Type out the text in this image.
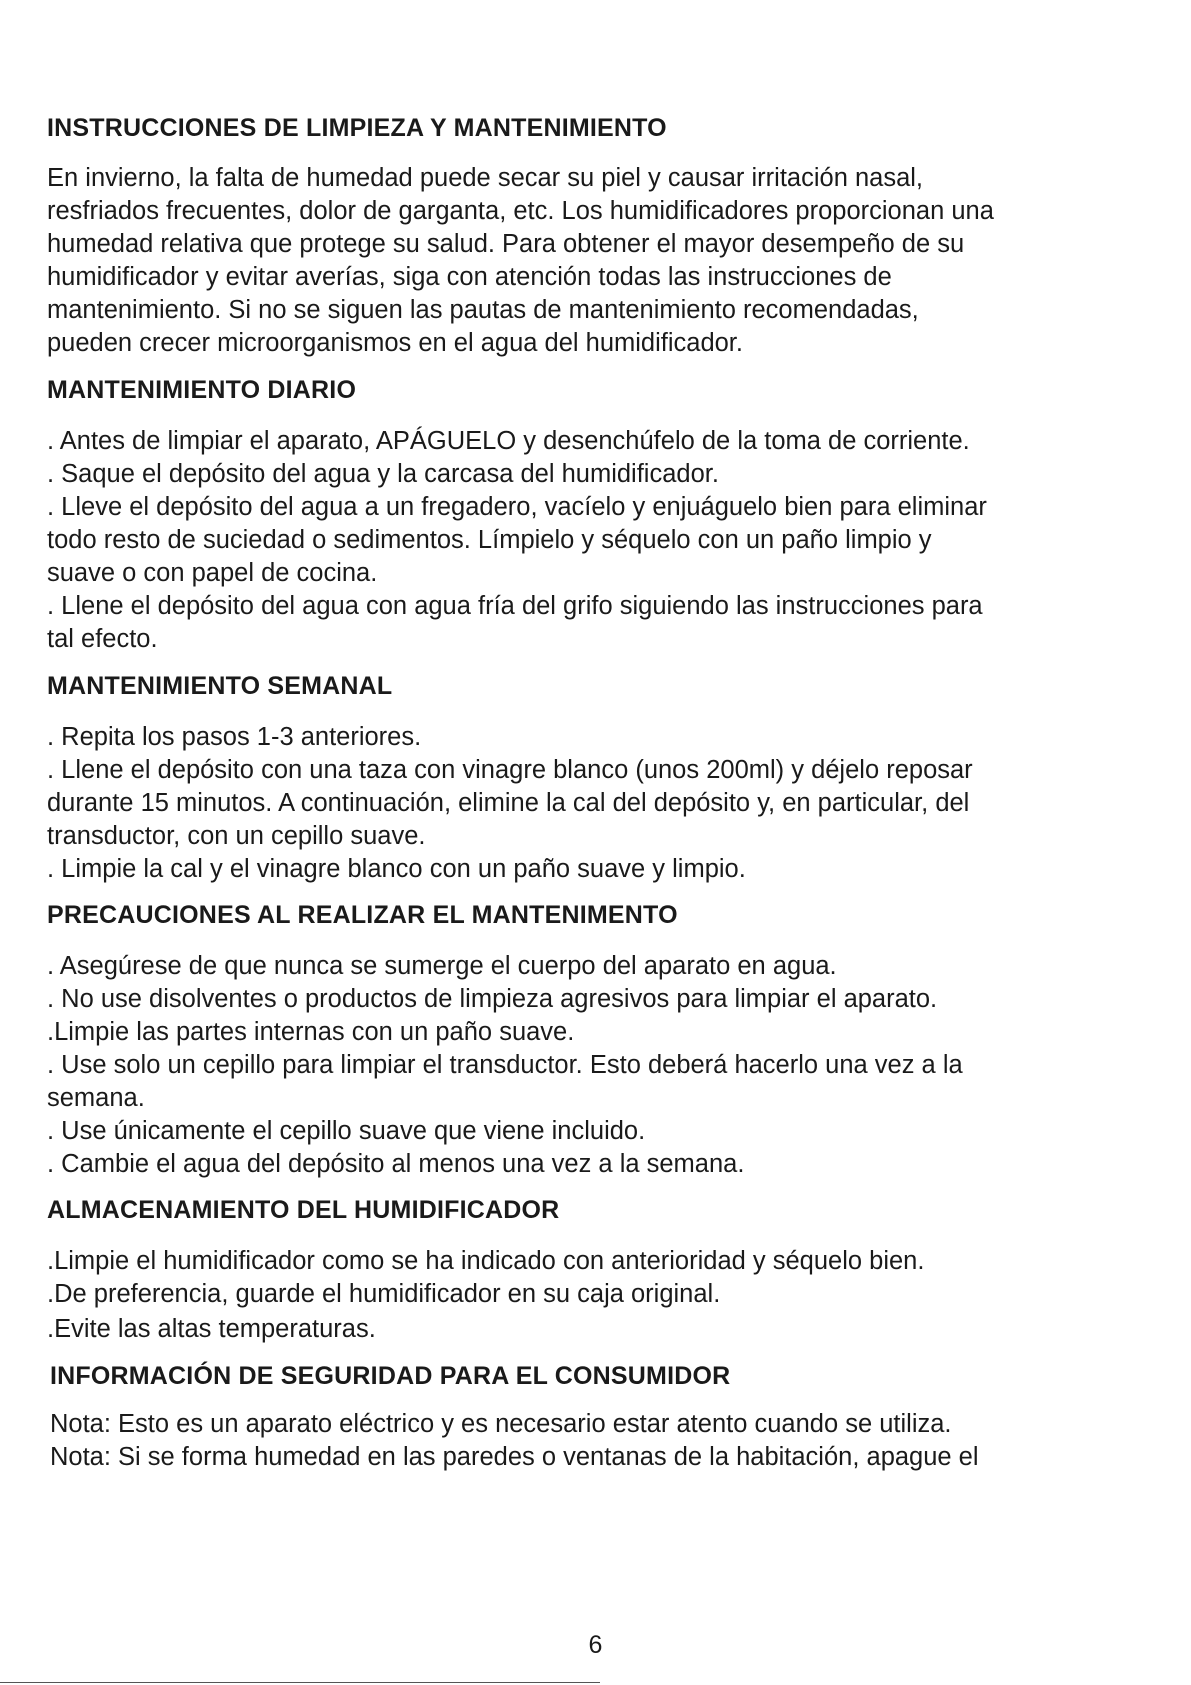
INSTRUCCIONES DE LIMPIEZA Y MANTENIMIENTO

En invierno, la falta de humedad puede secar su piel y causar irritación nasal,

resfriados frecuentes, dolor de garganta, etc. Los humidificadores proporcionan una

humedad relativa que protege su salud. Para obtener el mayor desempeño de su

humidificador y evitar averías, siga con atención todas las instrucciones de

mantenimiento. Si no se siguen las pautas de mantenimiento recomendadas,

pueden crecer microorganismos en el agua del humidificador.

MANTENIMIENTO DIARIO

. Antes de limpiar el aparato, APÁGUELO y desenchúfelo de la toma de corriente.

. Saque el depósito del agua y la carcasa del humidificador.

. Lleve el depósito del agua a un fregadero, vacíelo y enjuáguelo bien para eliminar

todo resto de suciedad o sedimentos. Límpielo y séquelo con un paño limpio y

suave o con papel de cocina.

. Llene el depósito del agua con agua fría del grifo siguiendo las instrucciones para

tal efecto.

MANTENIMIENTO SEMANAL

. Repita los pasos 1-3 anteriores.

. Llene el depósito con una taza con vinagre blanco (unos 200ml) y déjelo reposar

durante 15 minutos. A continuación, elimine la cal del depósito y, en particular, del

transductor, con un cepillo suave.

. Limpie la cal y el vinagre blanco con un paño suave y limpio.

PRECAUCIONES AL REALIZAR EL MANTENIMENTO

. Asegúrese de que nunca se sumerge el cuerpo del aparato en agua.

. No use disolventes o productos de limpieza agresivos para limpiar el aparato.

.Limpie las partes internas con un paño suave.

. Use solo un cepillo para limpiar el transductor. Esto deberá hacerlo una vez a la

semana.

. Use únicamente el cepillo suave que viene incluido.

. Cambie el agua del depósito al menos una vez a la semana.

ALMACENAMIENTO DEL HUMIDIFICADOR

.Limpie el humidificador como se ha indicado con anterioridad y séquelo bien.

.De preferencia, guarde el humidificador en su caja original.

.Evite las altas temperaturas.

INFORMACIÓN DE SEGURIDAD PARA EL CONSUMIDOR

Nota: Esto es un aparato eléctrico y es necesario estar atento cuando se utiliza.

Nota: Si se forma humedad en las paredes o ventanas de la habitación, apague el

6
